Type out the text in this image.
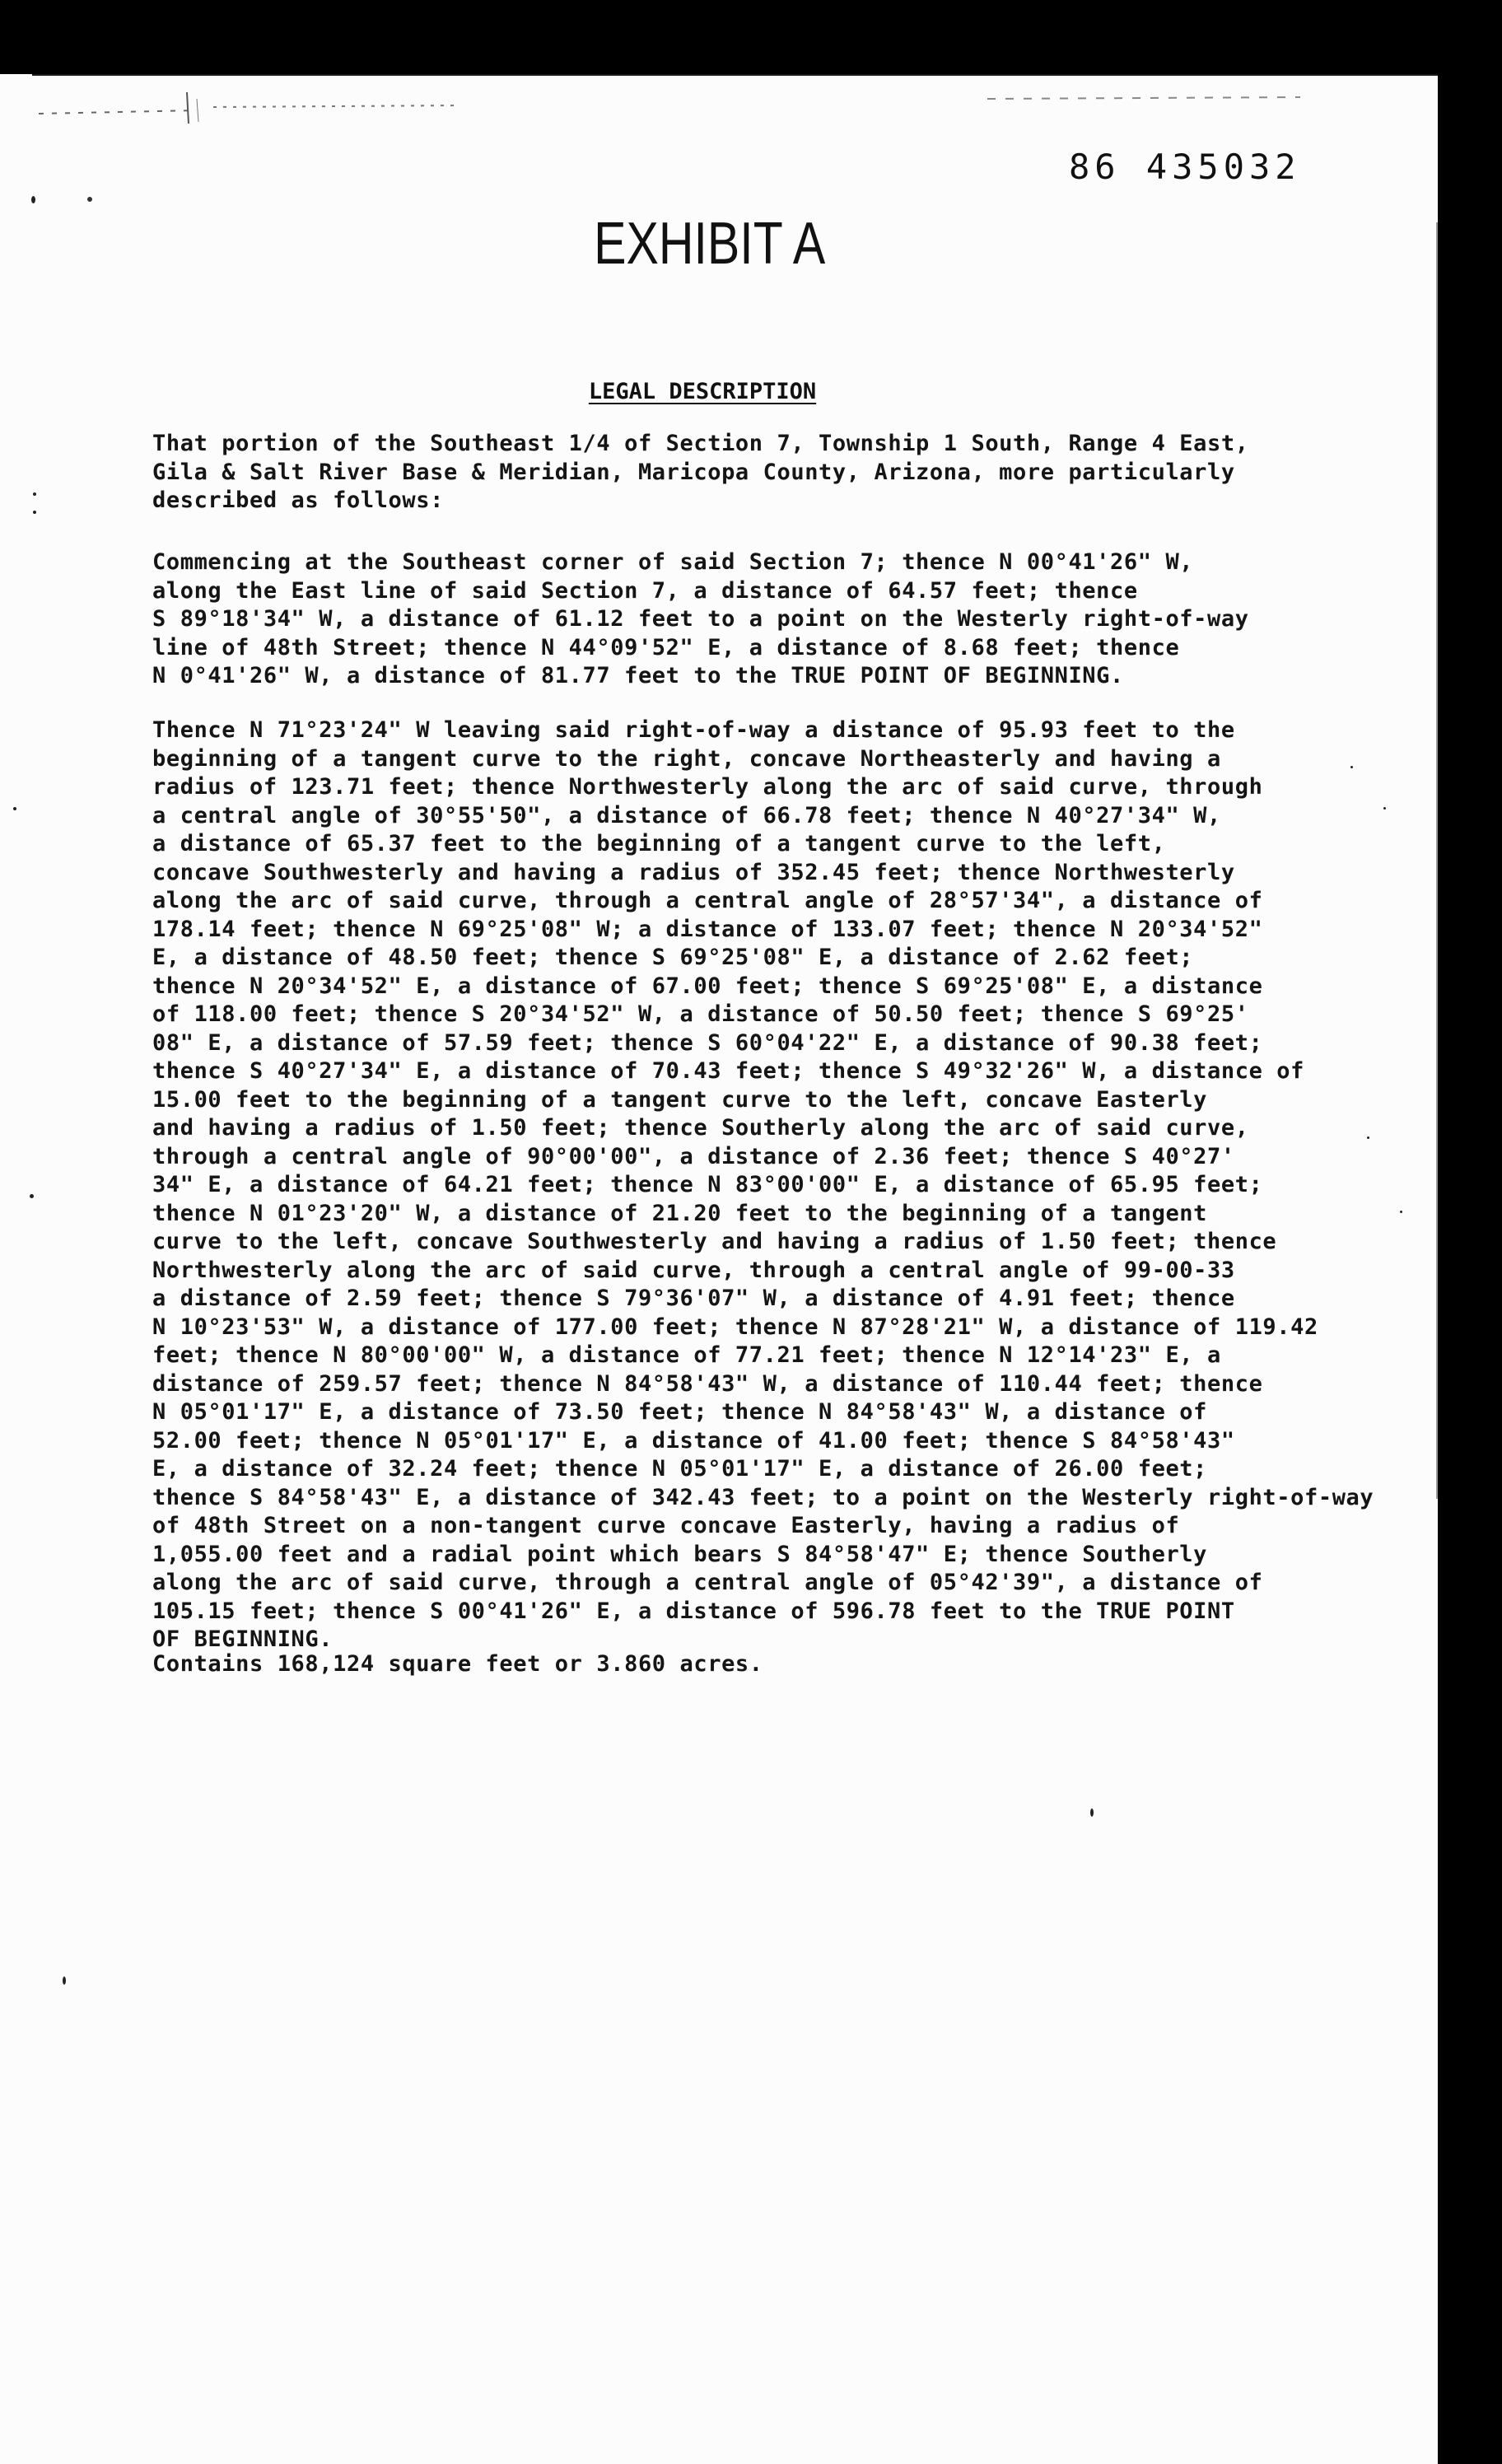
86 435032
EXHIBIT A
LEGAL DESCRIPTION
That portion of the Southeast 1/4 of Section 7, Township 1 South, Range 4 East,
Gila & Salt River Base & Meridian, Maricopa County, Arizona, more particularly
described as follows:
Commencing at the Southeast corner of said Section 7; thence N 00°41'26" W,
along the East line of said Section 7, a distance of 64.57 feet; thence
S 89°18'34" W, a distance of 61.12 feet to a point on the Westerly right-of-way
line of 48th Street; thence N 44°09'52" E, a distance of 8.68 feet; thence
N 0°41'26" W, a distance of 81.77 feet to the TRUE POINT OF BEGINNING.
Thence N 71°23'24" W leaving said right-of-way a distance of 95.93 feet to the
beginning of a tangent curve to the right, concave Northeasterly and having a
radius of 123.71 feet; thence Northwesterly along the arc of said curve, through
a central angle of 30°55'50", a distance of 66.78 feet; thence N 40°27'34" W,
a distance of 65.37 feet to the beginning of a tangent curve to the left,
concave Southwesterly and having a radius of 352.45 feet; thence Northwesterly
along the arc of said curve, through a central angle of 28°57'34", a distance of
178.14 feet; thence N 69°25'08" W; a distance of 133.07 feet; thence N 20°34'52"
E, a distance of 48.50 feet; thence S 69°25'08" E, a distance of 2.62 feet;
thence N 20°34'52" E, a distance of 67.00 feet; thence S 69°25'08" E, a distance
of 118.00 feet; thence S 20°34'52" W, a distance of 50.50 feet; thence S 69°25'
08" E, a distance of 57.59 feet; thence S 60°04'22" E, a distance of 90.38 feet;
thence S 40°27'34" E, a distance of 70.43 feet; thence S 49°32'26" W, a distance of
15.00 feet to the beginning of a tangent curve to the left, concave Easterly
and having a radius of 1.50 feet; thence Southerly along the arc of said curve,
through a central angle of 90°00'00", a distance of 2.36 feet; thence S 40°27'
34" E, a distance of 64.21 feet; thence N 83°00'00" E, a distance of 65.95 feet;
thence N 01°23'20" W, a distance of 21.20 feet to the beginning of a tangent
curve to the left, concave Southwesterly and having a radius of 1.50 feet; thence
Northwesterly along the arc of said curve, through a central angle of 99-00-33
a distance of 2.59 feet; thence S 79°36'07" W, a distance of 4.91 feet; thence
N 10°23'53" W, a distance of 177.00 feet; thence N 87°28'21" W, a distance of 119.42
feet; thence N 80°00'00" W, a distance of 77.21 feet; thence N 12°14'23" E, a
distance of 259.57 feet; thence N 84°58'43" W, a distance of 110.44 feet; thence
N 05°01'17" E, a distance of 73.50 feet; thence N 84°58'43" W, a distance of
52.00 feet; thence N 05°01'17" E, a distance of 41.00 feet; thence S 84°58'43"
E, a distance of 32.24 feet; thence N 05°01'17" E, a distance of 26.00 feet;
thence S 84°58'43" E, a distance of 342.43 feet; to a point on the Westerly right-of-way
of 48th Street on a non-tangent curve concave Easterly, having a radius of
1,055.00 feet and a radial point which bears S 84°58'47" E; thence Southerly
along the arc of said curve, through a central angle of 05°42'39", a distance of
105.15 feet; thence S 00°41'26" E, a distance of 596.78 feet to the TRUE POINT
OF BEGINNING.
Contains 168,124 square feet or 3.860 acres.
